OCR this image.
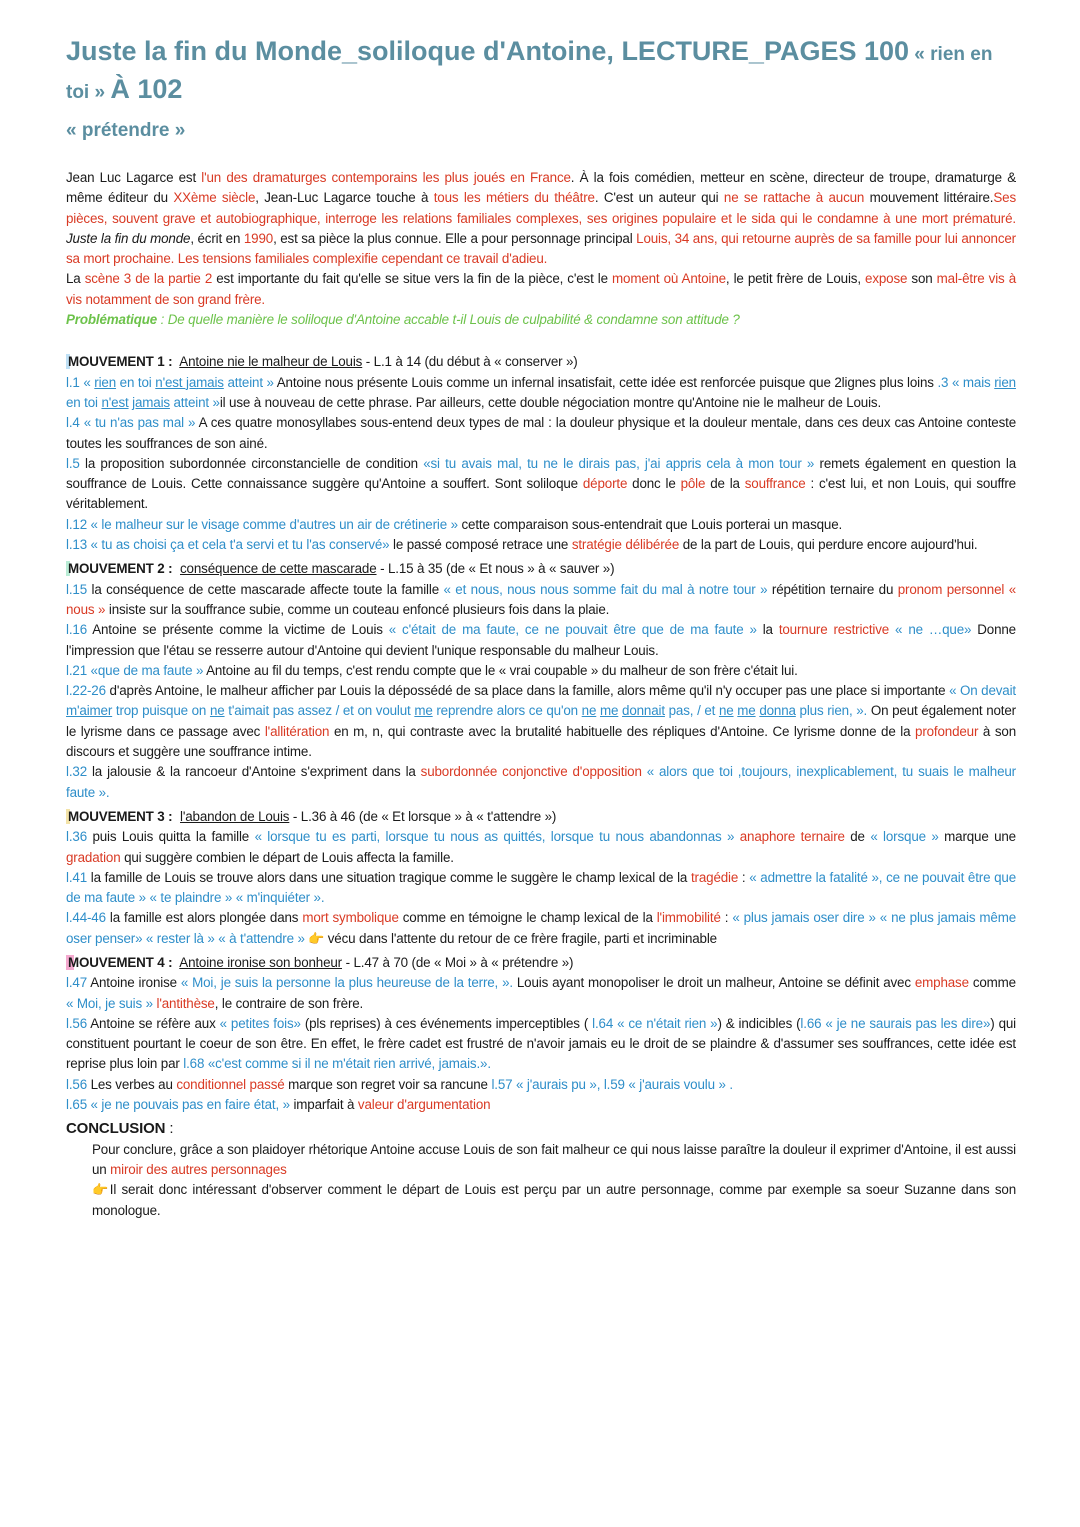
Juste la fin du Monde_soliloque d'Antoine, LECTURE_PAGES 100 « rien en toi » À 102
« prétendre »

Jean Luc Lagarce est l'un des dramaturges contemporains les plus joués en France. À la fois comédien, metteur en scène, directeur de troupe, dramaturge & même éditeur du XXème siècle, Jean-Luc Lagarce touche à tous les métiers du théâtre. C'est un auteur qui ne se rattache à aucun mouvement littéraire.Ses pièces, souvent grave et autobiographique, interroge les relations familiales complexes, ses origines populaire et le sida qui le condamne à une mort prématuré. Juste la fin du monde, écrit en 1990, est sa pièce la plus connue. Elle a pour personnage principal Louis, 34 ans, qui retourne auprès de sa famille pour lui annoncer sa mort prochaine. Les tensions familiales complexifie cependant ce travail d'adieu.
La scène 3 de la partie 2 est importante du fait qu'elle se situe vers la fin de la pièce, c'est le moment où Antoine, le petit frère de Louis, expose son mal-être vis à vis notamment de son grand frère.
Problématique : De quelle manière le soliloque d'Antoine accable t-il Louis de culpabilité & condamne son attitude ?

MOUVEMENT 1 : Antoine nie le malheur de Louis - L.1 à 14 (du début à « conserver »)
l.1 « rien en toi n'est jamais atteint » Antoine nous présente Louis comme un infernal insatisfait, cette idée est renforcée puisque que 2lignes plus loins .3 « mais rien en toi n'est jamais atteint »il use à nouveau de cette phrase. Par ailleurs, cette double négociation montre qu'Antoine nie le malheur de Louis.
l.4 « tu n'as pas mal » A ces quatre monosyllabes sous-entend deux types de mal : la douleur physique et la douleur mentale, dans ces deux cas Antoine conteste toutes les souffrances de son ainé.
l.5 la proposition subordonnée circonstancielle de condition «si tu avais mal, tu ne le dirais pas, j'ai appris cela à mon tour » remets également en question la souffrance de Louis. Cette connaissance suggère qu'Antoine a souffert. Sont soliloque déporte donc le pôle de la souffrance : c'est lui, et non Louis, qui souffre véritablement.
l.12 « le malheur sur le visage comme d'autres un air de crétinerie » cette comparaison sous-entendrait que Louis porterai un masque.
l.13 « tu as choisi ça et cela t'a servi et tu l'as conservé» le passé composé retrace une stratégie délibérée de la part de Louis, qui perdure encore aujourd'hui.

MOUVEMENT 2 : conséquence de cette mascarade - L.15 à 35 (de « Et nous » à « sauver »)
l.15 la conséquence de cette mascarade affecte toute la famille « et nous, nous nous somme fait du mal à notre tour » répétition ternaire du pronom personnel « nous » insiste sur la souffrance subie, comme un couteau enfoncé plusieurs fois dans la plaie.
l.16 Antoine se présente comme la victime de Louis « c'était de ma faute, ce ne pouvait être que de ma faute » la tournure restrictive « ne …que» Donne l'impression que l'étau se resserre autour d'Antoine qui devient l'unique responsable du malheur Louis.
l.21 «que de ma faute » Antoine au fil du temps, c'est rendu compte que le « vrai coupable » du malheur de son frère c'était lui.
l.22-26 d'après Antoine, le malheur afficher par Louis la dépossédé de sa place dans la famille, alors même qu'il n'y occuper pas une place si importante « On devait m'aimer trop puisque on ne t'aimait pas assez / et on voulut me reprendre alors ce qu'on ne me donnait pas, / et ne me donna plus rien, ». On peut également noter le lyrisme dans ce passage avec l'allitération en m, n, qui contraste avec la brutalité habituelle des répliques d'Antoine. Ce lyrisme donne de la profondeur à son discours et suggère une souffrance intime.
l.32 la jalousie & la rancoeur d'Antoine s'expriment dans la subordonnée conjonctive d'opposition « alors que toi ,toujours, inexplicablement, tu suais le malheur faute ».

MOUVEMENT 3 : l'abandon de Louis - L.36 à 46 (de « Et lorsque » à « t'attendre »)
l.36 puis Louis quitta la famille « lorsque tu es parti, lorsque tu nous as quittés, lorsque tu nous abandonnas » anaphore ternaire de « lorsque » marque une gradation qui suggère combien le départ de Louis affecta la famille.
l.41 la famille de Louis se trouve alors dans une situation tragique comme le suggère le champ lexical de la tragédie : « admettre la fatalité », ce ne pouvait être que de ma faute » « te plaindre » « m'inquiéter ».
l.44-46 la famille est alors plongée dans mort symbolique comme en témoigne le champ lexical de la l'immobilité : « plus jamais oser dire » « ne plus jamais même oser penser» « rester là » « à t'attendre » 👉 vécu dans l'attente du retour de ce frère fragile, parti et incriminable

MOUVEMENT 4 : Antoine ironise son bonheur - L.47 à 70 (de « Moi » à « prétendre »)
l.47 Antoine ironise « Moi, je suis la personne la plus heureuse de la terre, ». Louis ayant monopoliser le droit un malheur, Antoine se définit avec emphase comme « Moi, je suis » l'antithèse, le contraire de son frère.
l.56 Antoine se réfère aux « petites fois» (pls reprises) à ces événements imperceptibles ( l.64 « ce n'était rien ») & indicibles (l.66 « je ne saurais pas les dire») qui constituent pourtant le coeur de son être. En effet, le frère cadet est frustré de n'avoir jamais eu le droit de se plaindre & d'assumer ses souffrances, cette idée est reprise plus loin par l.68 «c'est comme si il ne m'était rien arrivé, jamais.».
l.56 Les verbes au conditionnel passé marque son regret voir sa rancune l.57 « j'aurais pu », l.59 « j'aurais voulu » .
l.65 « je ne pouvais pas en faire état, » imparfait à valeur d'argumentation

CONCLUSION :

Pour conclure, grâce a son plaidoyer rhétorique Antoine accuse Louis de son fait malheur ce qui nous laisse paraître la douleur il exprimer d'Antoine, il est aussi un miroir des autres personnages
👉Il serait donc intéressant d'observer comment le départ de Louis est perçu par un autre personnage, comme par exemple sa soeur Suzanne dans son monologue.
